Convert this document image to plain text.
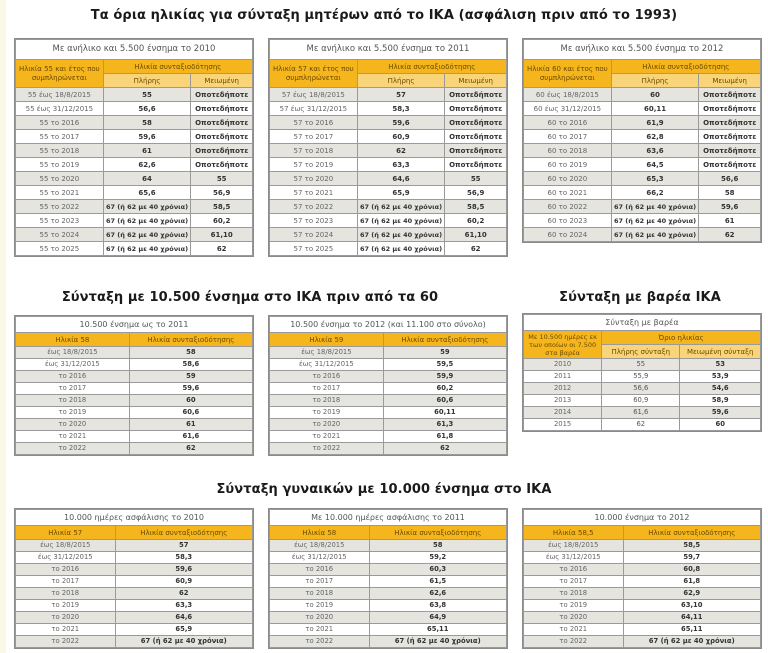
Τα όρια ηλικίας για σύνταξη μητέρων από το ΙΚΑ (ασφάλιση πριν από το 1993)
Με ανήλικο και 5.500 ένσημα το 2010		
Ηλικία 55 και έτος που συμπληρώνεται	Ηλικία συνταξιοδότησης	
	Πλήρης	Μειωμένη
55 έως 18/8/2015	55	Οποτεδήποτε
55 έως 31/12/2015	56,6	Οποτεδήποτε
55 το 2016	58	Οποτεδήποτε
55 το 2017	59,6	Οποτεδήποτε
55 το 2018	61	Οποτεδήποτε
55 το 2019	62,6	Οποτεδήποτε
55 το 2020	64	55
55 το 2021	65,6	56,9
55 το 2022	67 (ή 62 με 40 χρόνια)	58,5
55 το 2023	67 (ή 62 με 40 χρόνια)	60,2
55 το 2024	67 (ή 62 με 40 χρόνια)	61,10
55 το 2025	67 (ή 62 με 40 χρόνια)	62
Με ανήλικο και 5.500 ένσημα το 2011		
Ηλικία 57 και έτος που συμπληρώνεται	Ηλικία συνταξιοδότησης	
	Πλήρης	Μειωμένη
57 έως 18/8/2015	57	Οποτεδήποτε
57 έως 31/12/2015	58,3	Οποτεδήποτε
57 το 2016	59,6	Οποτεδήποτε
57 το 2017	60,9	Οποτεδήποτε
57 το 2018	62	Οποτεδήποτε
57 το 2019	63,3	Οποτεδήποτε
57 το 2020	64,6	55
57 το 2021	65,9	56,9
57 το 2022	67 (ή 62 με 40 χρόνια)	58,5
57 το 2023	67 (ή 62 με 40 χρόνια)	60,2
57 το 2024	67 (ή 62 με 40 χρόνια)	61,10
57 το 2025	67 (ή 62 με 40 χρόνια)	62
Με ανήλικο και 5.500 ένσημα το 2012		
Ηλικία 60 και έτος που συμπληρώνεται	Ηλικία συνταξιοδότησης	
	Πλήρης	Μειωμένη
60 έως 18/8/2015	60	Οποτεδήποτε
60 έως 31/12/2015	60,11	Οποτεδήποτε
60 το 2016	61,9	Οποτεδήποτε
60 το 2017	62,8	Οποτεδήποτε
60 το 2018	63,6	Οποτεδήποτε
60 το 2019	64,5	Οποτεδήποτε
60 το 2020	65,3	56,6
60 το 2021	66,2	58
60 το 2022	67 (ή 62 με 40 χρόνια)	59,6
60 το 2023	67 (ή 62 με 40 χρόνια)	61
60 το 2024	67 (ή 62 με 40 χρόνια)	62
Σύνταξη με 10.500 ένσημα στο ΙΚΑ πριν από τα 60	Σύνταξη με βαρέα ΙΚΑ
10.500 ένσημα ως το 2011	
Ηλικία 58	Ηλικία συνταξιοδότησης
έως 18/8/2015	58
έως 31/12/2015	58,6
το 2016	59
το 2017	59,6
το 2018	60
το 2019	60,6
το 2020	61
το 2021	61,6
το 2022	62
10.500 ένσημα το 2012 (και 11.100 στο σύνολο)	
Ηλικία 59	Ηλικία συνταξιοδότησης
έως 18/8/2015	59
έως 31/12/2015	59,5
το 2016	59,9
το 2017	60,2
το 2018	60,6
το 2019	60,11
το 2020	61,3
το 2021	61,8
το 2022	62
Σύνταξη με βαρέα		
Με 10.500 ημέρες εκ των οποίων οι 7.500 στα βαρέα	Όριο ηλικίας	
	Πλήρης σύνταξη	Μειωμένη σύνταξη
2010	55	53
2011	55,9	53,9
2012	56,6	54,6
2013	60,9	58,9
2014	61,6	59,6
2015	62	60
Σύνταξη γυναικών με 10.000 ένσημα στο ΙΚΑ
10.000 ημέρες ασφάλισης το 2010	
Ηλικία 57	Ηλικία συνταξιοδότησης
έως 18/8/2015	57
έως 31/12/2015	58,3
το 2016	59,6
το 2017	60,9
το 2018	62
το 2019	63,3
το 2020	64,6
το 2021	65,9
το 2022	67 (ή 62 με 40 χρόνια)
Με 10.000 ημέρες ασφάλισης το 2011	
Ηλικία 58	Ηλικία συνταξιοδότησης
έως 18/8/2015	58
έως 31/12/2015	59,2
το 2016	60,3
το 2017	61,5
το 2018	62,6
το 2019	63,8
το 2020	64,9
το 2021	65,11
το 2022	67 (ή 62 με 40 χρόνια)
10.000 ένσημα το 2012	
Ηλικία 58,5	Ηλικία συνταξιοδότησης
έως 18/8/2015	58,5
έως 31/12/2015	59,7
το 2016	60,8
το 2017	61,8
το 2018	62,9
το 2019	63,10
το 2020	64,11
το 2021	65,11
το 2022	67 (ή 62 με 40 χρόνια)
